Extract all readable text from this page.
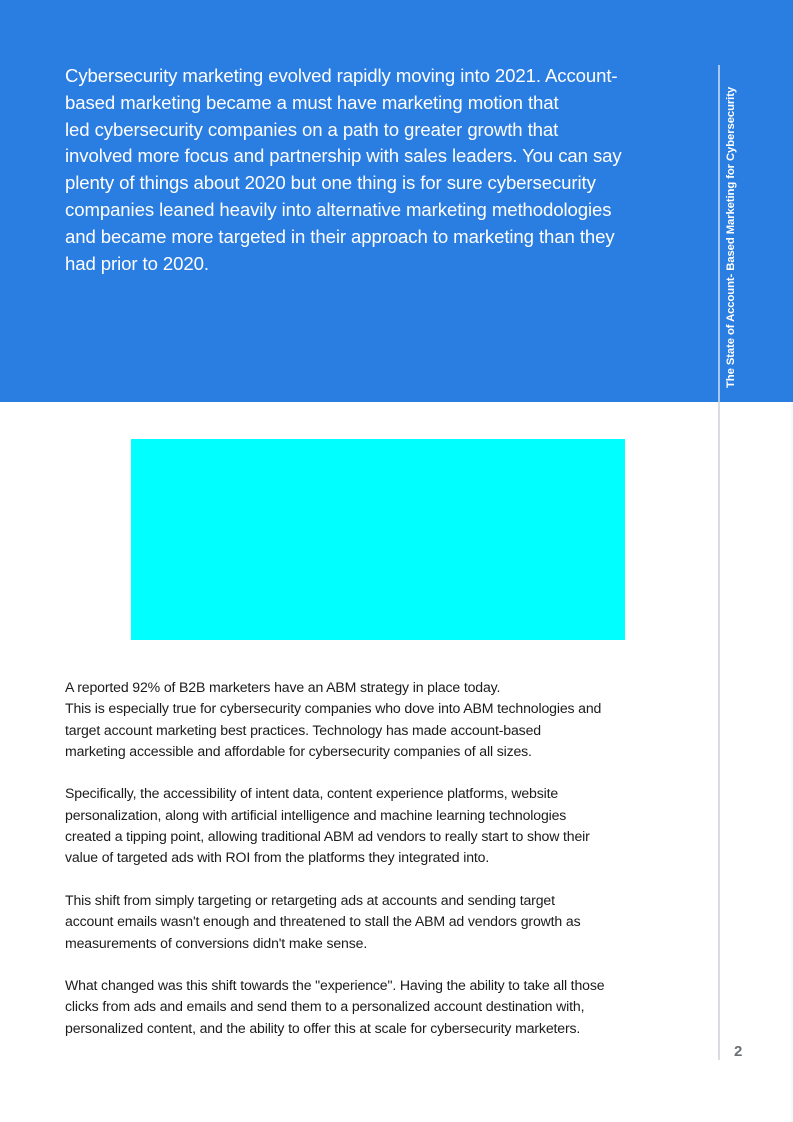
Cybersecurity marketing evolved rapidly moving into 2021. Account-
based marketing became a must have marketing motion that
led cybersecurity companies on a path to greater growth that
involved more focus and partnership with sales leaders. You can say
plenty of things about 2020 but one thing is for sure cybersecurity
companies leaned heavily into alternative marketing methodologies
and became more targeted in their approach to marketing than they
had prior to 2020.	The State of Account- Based Marketing for Cybersecurity

A reported 92% of B2B marketers have an ABM strategy in place today.
This is especially true for cybersecurity companies who dove into ABM technologies and
target account marketing best practices. Technology has made account-based
marketing accessible and affordable for cybersecurity companies of all sizes.

Specifically, the accessibility of intent data, content experience platforms, website
personalization, along with artificial intelligence and machine learning technologies
created a tipping point, allowing traditional ABM ad vendors to really start to show their
value of targeted ads with ROI from the platforms they integrated into.

This shift from simply targeting or retargeting ads at accounts and sending target
account emails wasn't enough and threatened to stall the ABM ad vendors growth as
measurements of conversions didn't make sense.

What changed was this shift towards the "experience". Having the ability to take all those
clicks from ads and emails and send them to a personalized account destination with,
personalized content, and the ability to offer this at scale for cybersecurity marketers.

2
